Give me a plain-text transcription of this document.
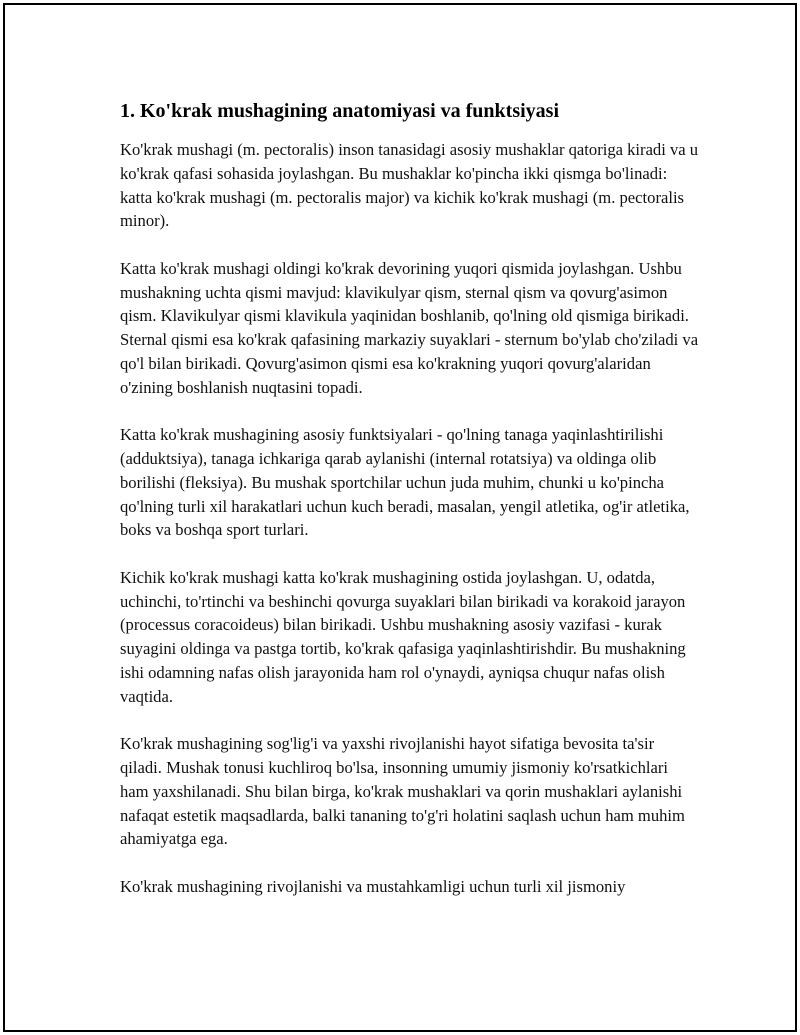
1. Ko'krak mushagining anatomiyasi va funktsiyasi

Ko'krak mushagi (m. pectoralis) inson tanasidagi asosiy mushaklar qatoriga kiradi va u ko'krak qafasi sohasida joylashgan. Bu mushaklar ko'pincha ikki qismga bo'linadi: katta ko'krak mushagi (m. pectoralis major) va kichik ko'krak mushagi (m. pectoralis minor).

Katta ko'krak mushagi oldingi ko'krak devorining yuqori qismida joylashgan. Ushbu mushakning uchta qismi mavjud: klavikulyar qism, sternal qism va qovurg'asimon qism. Klavikulyar qismi klavikula yaqinidan boshlanib, qo'lning old qismiga birikadi. Sternal qismi esa ko'krak qafasining markaziy suyaklari - sternum bo'ylab cho'ziladi va qo'l bilan birikadi. Qovurg'asimon qismi esa ko'krakning yuqori qovurg'alaridan o'zining boshlanish nuqtasini topadi.

Katta ko'krak mushagining asosiy funktsiyalari - qo'lning tanaga yaqinlashtirilishi (adduktsiya), tanaga ichkariga qarab aylanishi (internal rotatsiya) va oldinga olib borilishi (fleksiya). Bu mushak sportchilar uchun juda muhim, chunki u ko'pincha qo'lning turli xil harakatlari uchun kuch beradi, masalan, yengil atletika, og'ir atletika, boks va boshqa sport turlari.

Kichik ko'krak mushagi katta ko'krak mushagining ostida joylashgan. U, odatda, uchinchi, to'rtinchi va beshinchi qovurga suyaklari bilan birikadi va korakoid jarayon (processus coracoideus) bilan birikadi. Ushbu mushakning asosiy vazifasi - kurak suyagini oldinga va pastga tortib, ko'krak qafasiga yaqinlashtirishdir. Bu mushakning ishi odamning nafas olish jarayonida ham rol o'ynaydi, ayniqsa chuqur nafas olish vaqtida.

Ko'krak mushagining sog'lig'i va yaxshi rivojlanishi hayot sifatiga bevosita ta'sir qiladi. Mushak tonusi kuchliroq bo'lsa, insonning umumiy jismoniy ko'rsatkichlari ham yaxshilanadi. Shu bilan birga, ko'krak mushaklari va qorin mushaklari aylanishi nafaqat estetik maqsadlarda, balki tananing to'g'ri holatini saqlash uchun ham muhim ahamiyatga ega.

Ko'krak mushagining rivojlanishi va mustahkamligi uchun turli xil jismoniy
